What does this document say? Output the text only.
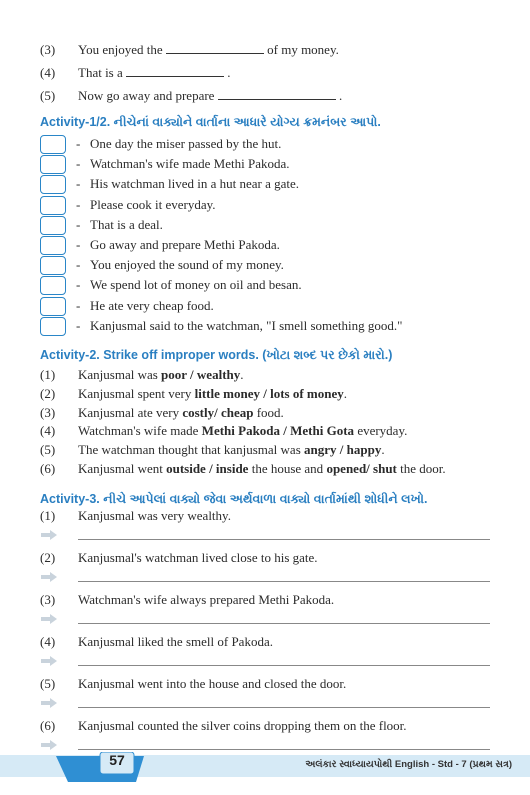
(3) You enjoyed the	of my money.
(4) That is a	.
(5) Now go away and prepare	.
Activity-1/2. નીચેનાં વાક્યોને વાર્તાના આધારે યોગ્ય ક્રમનંબર આપો.
- One day the miser passed by the hut.
- Watchman's wife made Methi Pakoda.
- His watchman lived in a hut near a gate.
- Please cook it everyday.
- That is a deal.
- Go away and prepare Methi Pakoda.
- You enjoyed the sound of my money.
- We spend lot of money on oil and besan.
- He ate very cheap food.
- Kanjusmal said to the watchman, "I smell something good."
Activity-2. Strike off improper words. (ખોટા શબ્દ પર છેકો મારો.)
(1) Kanjusmal was poor / wealthy.
(2) Kanjusmal spent very little money / lots of money.
(3) Kanjusmal ate very costly/ cheap food.
(4) Watchman's wife made Methi Pakoda / Methi Gota everyday.
(5) The watchman thought that kanjusmal was angry / happy.
(6) Kanjusmal went outside / inside the house and opened/ shut the door.
Activity-3. નીચે આપેલાં વાક્યો જેવા અર્થવાળા વાક્યો વાર્તામાંથી શોધીને લખો.
(1) Kanjusmal was very wealthy.
(2) Kanjusmal's watchman lived close to his gate.
(3) Watchman's wife always prepared Methi Pakoda.
(4) Kanjusmal liked the smell of Pakoda.
(5) Kanjusmal went into the house and closed the door.
(6) Kanjusmal counted the silver coins dropping them on the floor.
57	અલંકાર સ્વાધ્યાયપોથી English - Std - 7 (પ્રથમ સત્ર)
